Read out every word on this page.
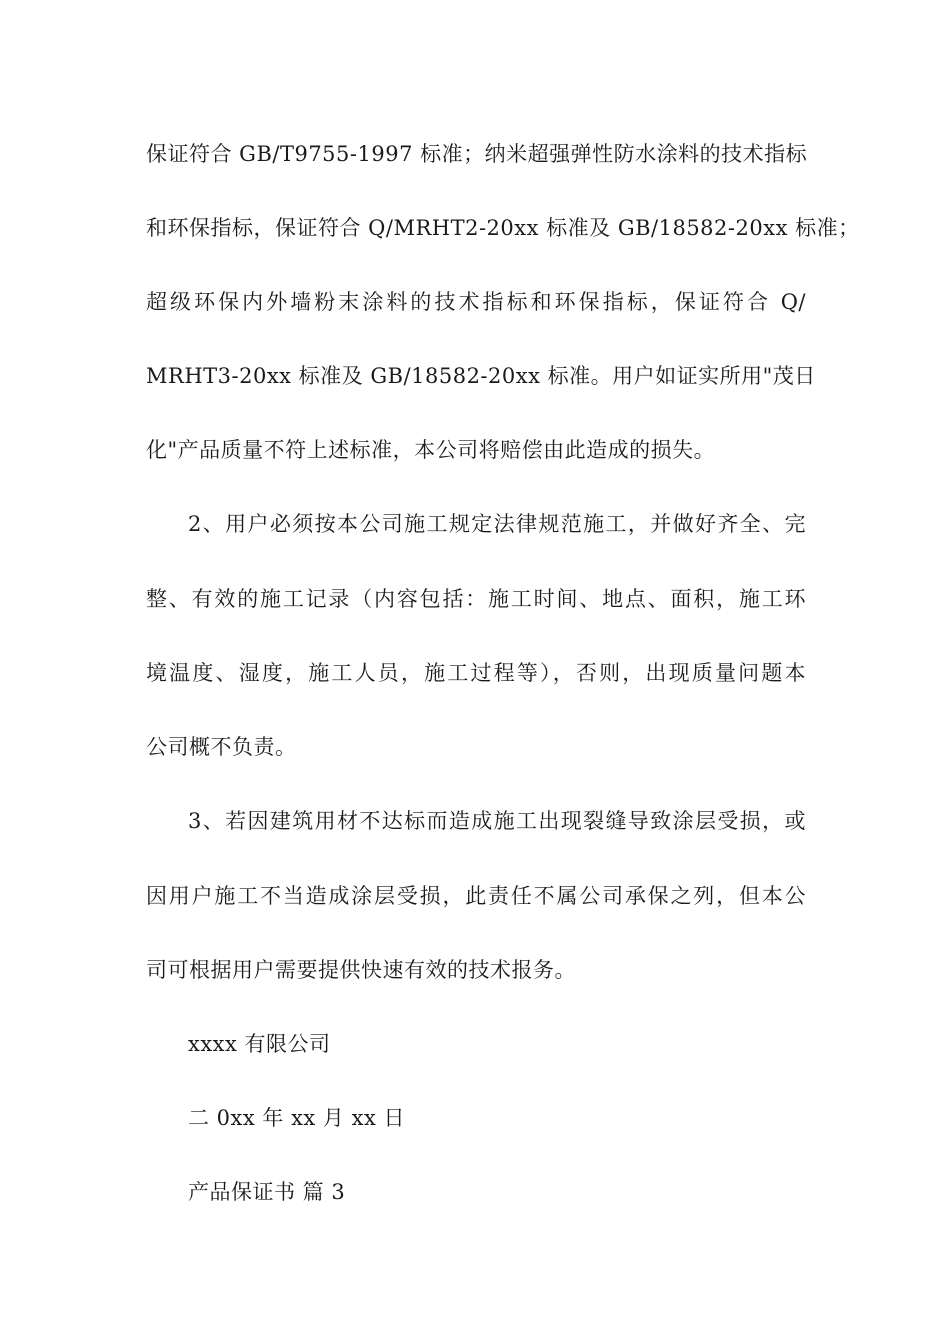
保证符合 GB/T9755-1997 标准；纳米超强弹性防水涂料的技术指标
和环保指标，保证符合 Q/MRHT2-20xx 标准及 GB/18582-20xx 标准；
超级环保内外墙粉末涂料的技术指标和环保指标，保证符合 Q/
MRHT3-20xx 标准及 GB/18582-20xx 标准。用户如证实所用"茂日
化"产品质量不符上述标准，本公司将赔偿由此造成的损失。
2、用户必须按本公司施工规定法律规范施工，并做好齐全、完
整、有效的施工记录（内容包括：施工时间、地点、面积，施工环
境温度、湿度，施工人员，施工过程等），否则，出现质量问题本
公司概不负责。
3、若因建筑用材不达标而造成施工出现裂缝导致涂层受损，或
因用户施工不当造成涂层受损，此责任不属公司承保之列，但本公
司可根据用户需要提供快速有效的技术报务。
xxxx 有限公司
二 0xx 年 xx 月 xx 日
产品保证书 篇 3
